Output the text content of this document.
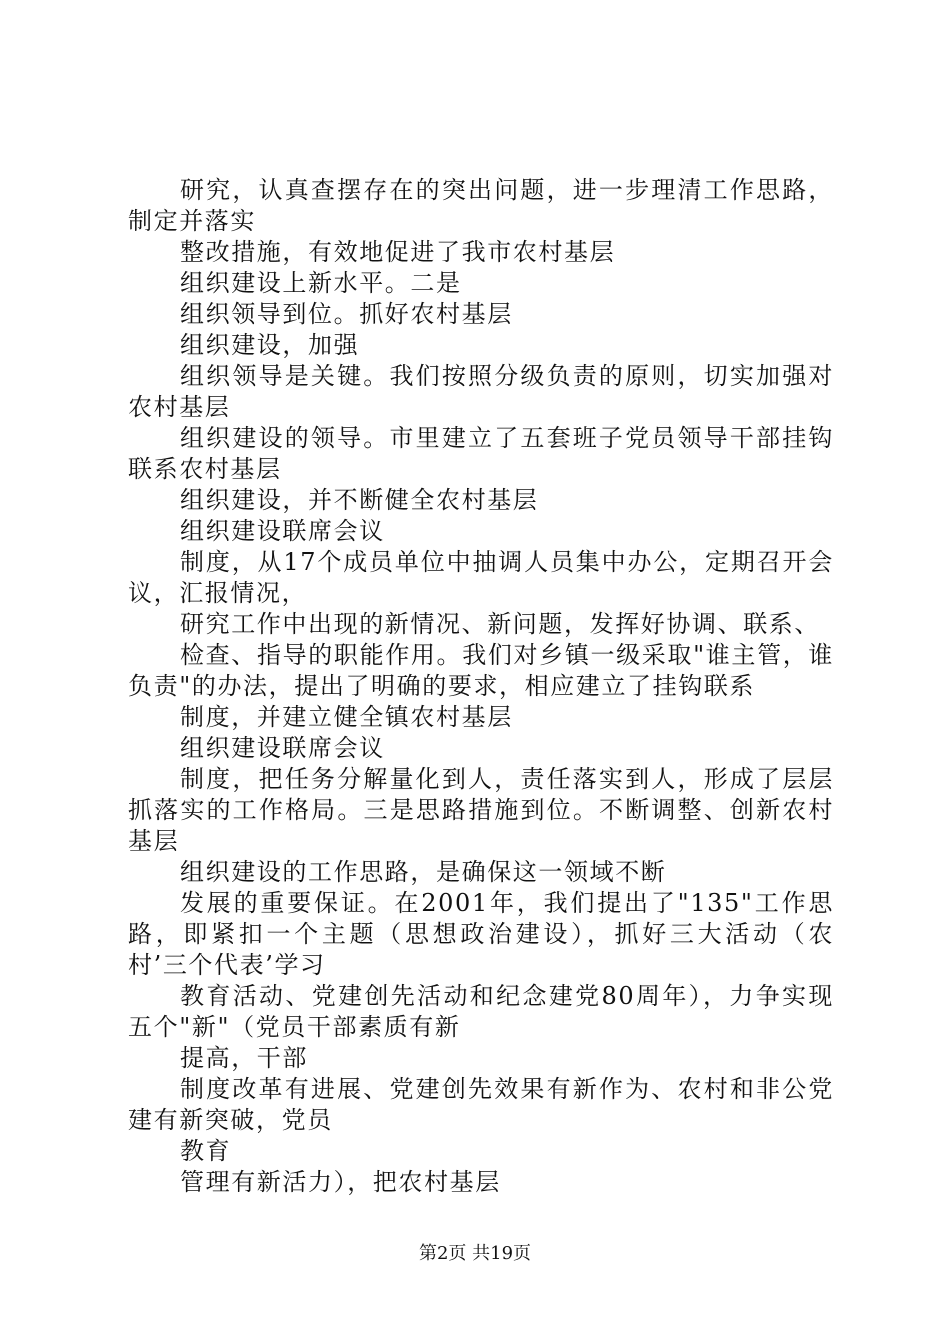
研究，认真查摆存在的突出问题，进一步理清工作思路，制定并落实

整改措施，有效地促进了我市农村基层

组织建设上新水平。二是

组织领导到位。抓好农村基层

组织建设，加强

组织领导是关键。我们按照分级负责的原则，切实加强对农村基层

组织建设的领导。市里建立了五套班子党员领导干部挂钩联系农村基层

组织建设，并不断健全农村基层

组织建设联席会议

制度，从17个成员单位中抽调人员集中办公，定期召开会议，汇报情况，

研究工作中出现的新情况、新问题，发挥好协调、联系、

检查、指导的职能作用。我们对乡镇一级采取"谁主管，谁负责"的办法，提出了明确的要求，相应建立了挂钩联系

制度，并建立健全镇农村基层

组织建设联席会议

制度，把任务分解量化到人，责任落实到人，形成了层层抓落实的工作格局。三是思路措施到位。不断调整、创新农村基层

组织建设的工作思路，是确保这一领域不断

发展的重要保证。在2001年，我们提出了"135"工作思路，即紧扣一个主题（思想政治建设），抓好三大活动（农村’三个代表’学习

教育活动、党建创先活动和纪念建党80周年），力争实现五个"新"（党员干部素质有新

提高，干部

制度改革有进展、党建创先效果有新作为、农村和非公党建有新突破，党员

教育

管理有新活力），把农村基层

第2页 共19页
